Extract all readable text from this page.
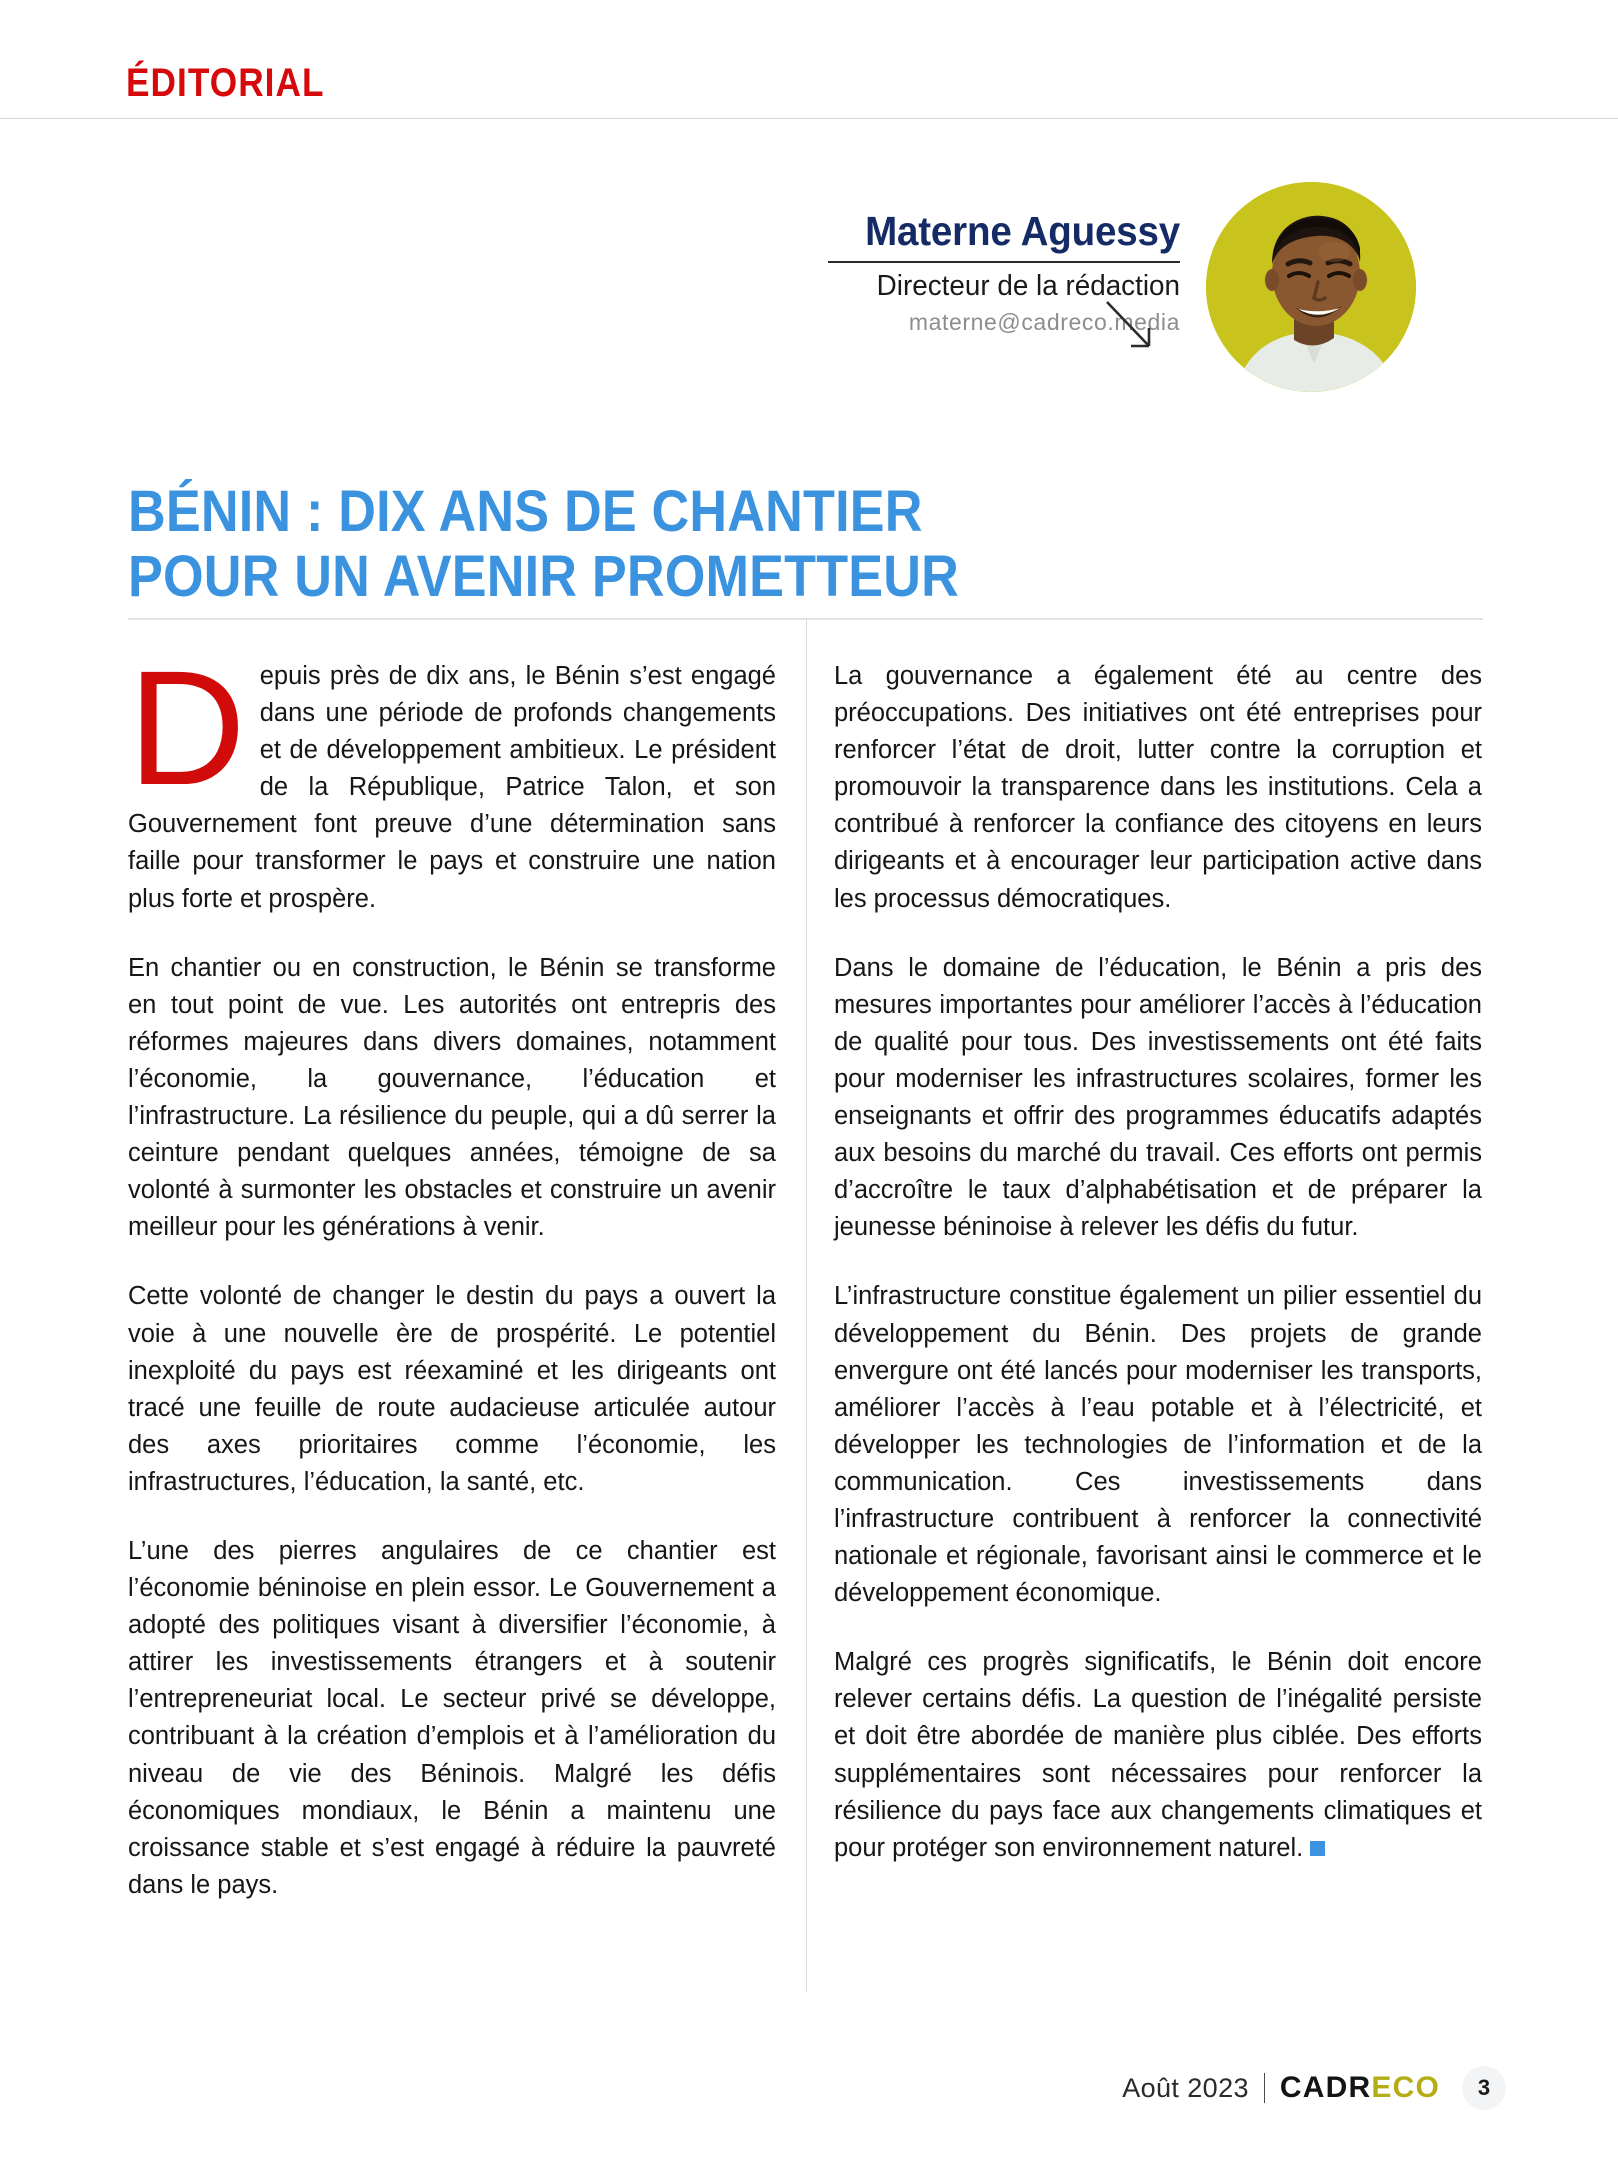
ÉDITORIAL
Materne Aguessy
Directeur de la rédaction
materne@cadreco.media
BÉNIN : DIX ANS DE CHANTIER
POUR UN AVENIR PROMETTEUR

Depuis près de dix ans, le Bénin s’est engagé dans une période de profonds changements et de développement ambitieux. Le président de la République, Patrice Talon, et son Gouvernement font preuve d’une détermination sans faille pour transformer le pays et construire une nation plus forte et prospère.

En chantier ou en construction, le Bénin se transforme en tout point de vue. Les autorités ont entrepris des réformes majeures dans divers domaines, notamment l’économie, la gouvernance, l’éducation et l’infrastructure. La résilience du peuple, qui a dû serrer la ceinture pendant quelques années, témoigne de sa volonté à surmonter les obstacles et construire un avenir meilleur pour les générations à venir.

Cette volonté de changer le destin du pays a ouvert la voie à une nouvelle ère de prospérité. Le potentiel inexploité du pays est réexaminé et les dirigeants ont tracé une feuille de route audacieuse articulée autour des axes prioritaires comme l’économie, les infrastructures, l’éducation, la santé, etc.

L’une des pierres angulaires de ce chantier est l’économie béninoise en plein essor. Le Gouvernement a adopté des politiques visant à diversifier l’économie, à attirer les investissements étrangers et à soutenir l’entrepreneuriat local. Le secteur privé se développe, contribuant à la création d’emplois et à l’amélioration du niveau de vie des Béninois. Malgré les défis économiques mondiaux, le Bénin a maintenu une croissance stable et s’est engagé à réduire la pauvreté dans le pays.

La gouvernance a également été au centre des préoccupations. Des initiatives ont été entreprises pour renforcer l’état de droit, lutter contre la corruption et promouvoir la transparence dans les institutions. Cela a contribué à renforcer la confiance des citoyens en leurs dirigeants et à encourager leur participation active dans les processus démocratiques.

Dans le domaine de l’éducation, le Bénin a pris des mesures importantes pour améliorer l’accès à l’éducation de qualité pour tous. Des investissements ont été faits pour moderniser les infrastructures scolaires, former les enseignants et offrir des programmes éducatifs adaptés aux besoins du marché du travail. Ces efforts ont permis d’accroître le taux d’alphabétisation et de préparer la jeunesse béninoise à relever les défis du futur.

L’infrastructure constitue également un pilier essentiel du développement du Bénin. Des projets de grande envergure ont été lancés pour moderniser les transports, améliorer l’accès à l’eau potable et à l’électricité, et développer les technologies de l’information et de la communication. Ces investissements dans l’infrastructure contribuent à renforcer la connectivité nationale et régionale, favorisant ainsi le commerce et le développement économique.

Malgré ces progrès significatifs, le Bénin doit encore relever certains défis. La question de l’inégalité persiste et doit être abordée de manière plus ciblée. Des efforts supplémentaires sont nécessaires pour renforcer la résilience du pays face aux changements climatiques et pour protéger son environnement naturel.

Août 2023 CADRECO 3
